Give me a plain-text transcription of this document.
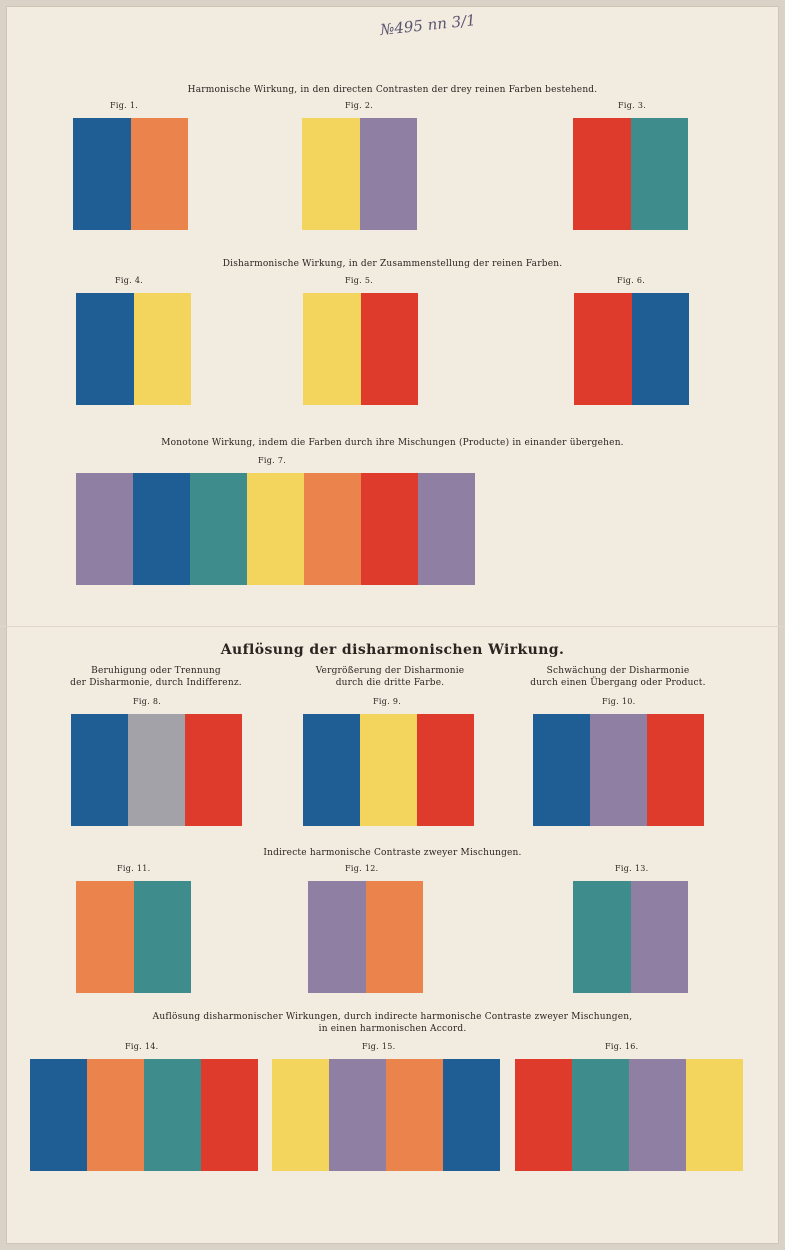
№495 nn 3/1
Harmonische Wirkung, in den directen Contrasten der drey reinen Farben bestehend.
Disharmonische Wirkung, in der Zusammenstellung der reinen Farben.
Monotone Wirkung, indem die Farben durch ihre Mischungen (Producte) in einander übergehen.
Auflösung der disharmonischen Wirkung.
Beruhigung oder Trennung
der Disharmonie, durch Indifferenz.
Vergrößerung der Disharmonie
durch die dritte Farbe.
Schwächung der Disharmonie
durch einen Übergang oder Product.
Indirecte harmonische Contraste zweyer Mischungen.
Auflösung disharmonischer Wirkungen, durch indirecte harmonische Contraste zweyer Mischungen,
in einen harmonischen Accord.
Fig. 1.	Fig. 2.	Fig. 3.
Fig. 4.	Fig. 5.	Fig. 6.
Fig. 7.
Fig. 8.	Fig. 9.	Fig. 10.
Fig. 11.	Fig. 12.	Fig. 13.
Fig. 14.	Fig. 15.	Fig. 16.
